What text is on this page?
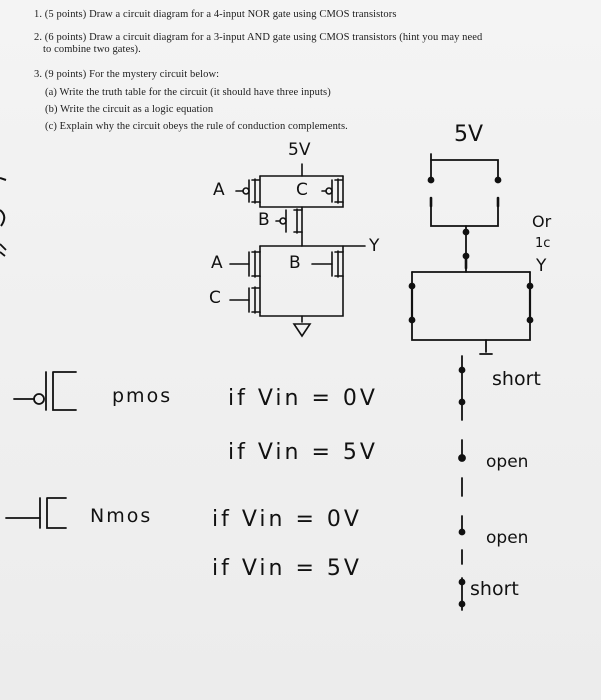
1. (5 points) Draw a circuit diagram for a 4-input NOR gate using CMOS transistors
2. (6 points) Draw a circuit diagram for a 3-input AND gate using CMOS transistors (hint you may need
to combine two gates).
3. (9 points) For the mystery circuit below:
(a) Write the truth table for the circuit (it should have three inputs)
(b) Write the circuit as a logic equation
(c) Explain why the circuit obeys the rule of conduction complements.
5V
A	C
B
Y
A	B
C
5V
Or
1c
Y
short
open
open
short
pmos	if Vin = 0V
if Vin = 5V
Nmos	if Vin = 0V
if Vin = 5V
